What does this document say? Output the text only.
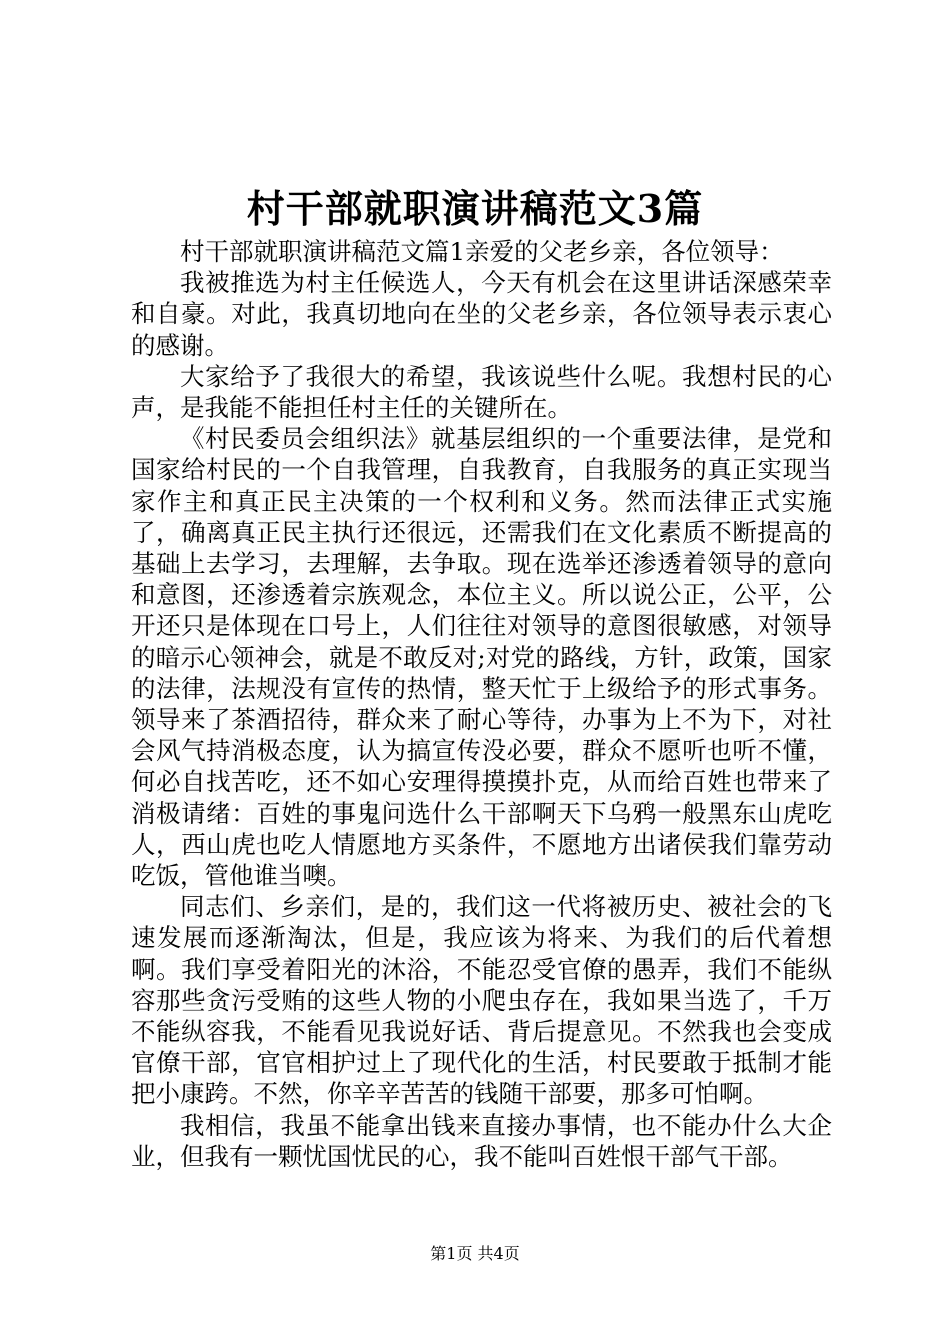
村干部就职演讲稿范文3篇

村干部就职演讲稿范文篇1亲爱的父老乡亲，各位领导：

我被推选为村主任候选人，今天有机会在这里讲话深感荣幸和自豪。对此，我真切地向在坐的父老乡亲，各位领导表示衷心的感谢。

大家给予了我很大的希望，我该说些什么呢。我想村民的心声，是我能不能担任村主任的关键所在。

《村民委员会组织法》就基层组织的一个重要法律，是党和国家给村民的一个自我管理，自我教育，自我服务的真正实现当家作主和真正民主决策的一个权利和义务。然而法律正式实施了，确离真正民主执行还很远，还需我们在文化素质不断提高的基础上去学习，去理解，去争取。现在选举还渗透着领导的意向和意图，还渗透着宗族观念，本位主义。所以说公正，公平，公开还只是体现在口号上，人们往往对领导的意图很敏感，对领导的暗示心领神会，就是不敢反对;对党的路线，方针，政策，国家的法律，法规没有宣传的热情，整天忙于上级给予的形式事务。领导来了茶酒招待，群众来了耐心等待，办事为上不为下，对社会风气持消极态度，认为搞宣传没必要，群众不愿听也听不懂，何必自找苦吃，还不如心安理得摸摸扑克，从而给百姓也带来了消极请绪：百姓的事鬼问选什么干部啊天下乌鸦一般黑东山虎吃人，西山虎也吃人情愿地方买条件，不愿地方出诸侯我们靠劳动吃饭，管他谁当噢。

同志们、乡亲们，是的，我们这一代将被历史、被社会的飞速发展而逐渐淘汰，但是，我应该为将来、为我们的后代着想啊。我们享受着阳光的沐浴，不能忍受官僚的愚弄，我们不能纵容那些贪污受贿的这些人物的小爬虫存在，我如果当选了，千万不能纵容我，不能看见我说好话、背后提意见。不然我也会变成官僚干部，官官相护过上了现代化的生活，村民要敢于抵制才能把小康跨。不然，你辛辛苦苦的钱随干部要，那多可怕啊。

我相信，我虽不能拿出钱来直接办事情，也不能办什么大企业，但我有一颗忧国忧民的心，我不能叫百姓恨干部气干部。

第1页 共4页
